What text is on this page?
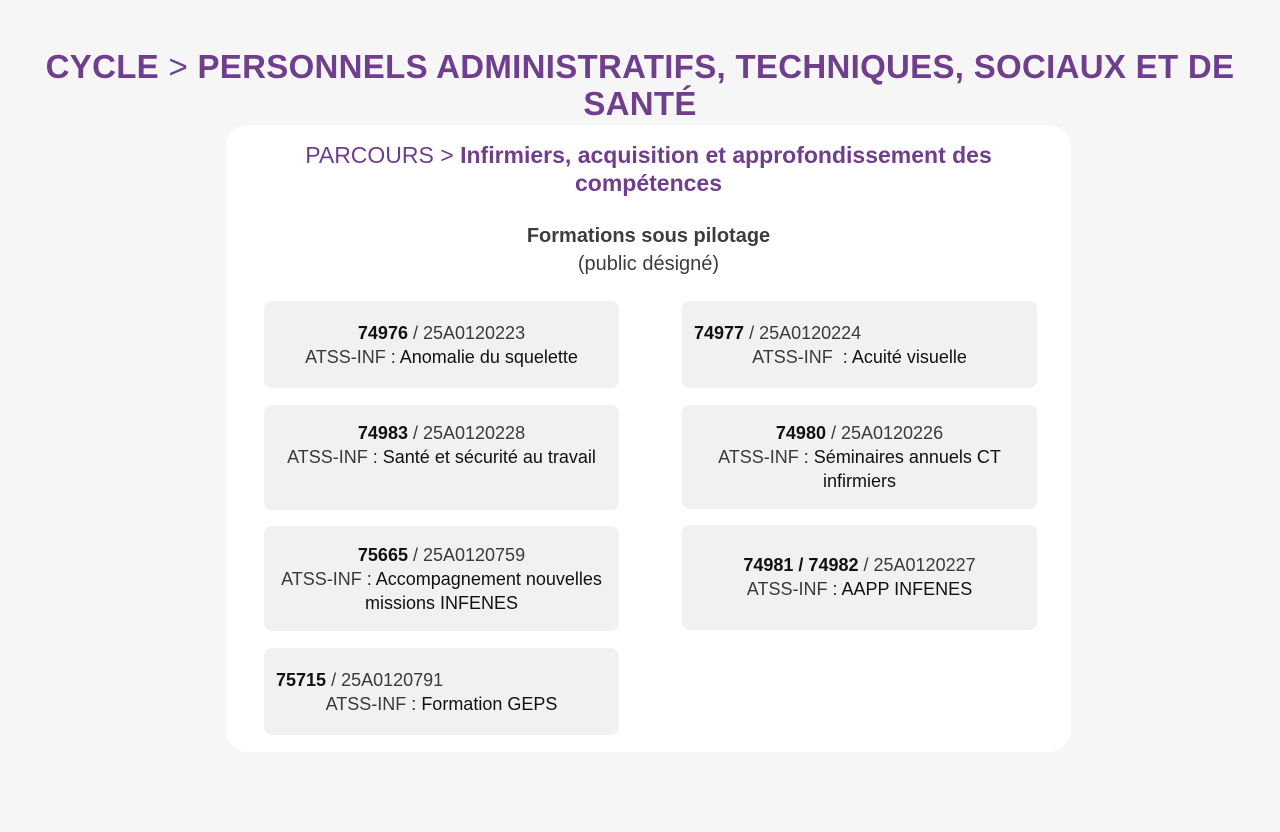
CYCLE > PERSONNELS ADMINISTRATIFS, TECHNIQUES, SOCIAUX ET DE SANTÉ
PARCOURS > Infirmiers, acquisition et approfondissement des compétences
Formations sous pilotage
(public désigné)
74976 / 25A0120223
ATSS-INF : Anomalie du squelette
74983 / 25A0120228
ATSS-INF : Santé et sécurité au travail
75665 / 25A0120759
ATSS-INF : Accompagnement nouvelles missions INFENES
75715 / 25A0120791
ATSS-INF : Formation GEPS
74977 / 25A0120224
ATSS-INF  : Acuité visuelle
74980 / 25A0120226
ATSS-INF : Séminaires annuels CT infirmiers
74981 / 74982 / 25A0120227
ATSS-INF : AAPP INFENES
